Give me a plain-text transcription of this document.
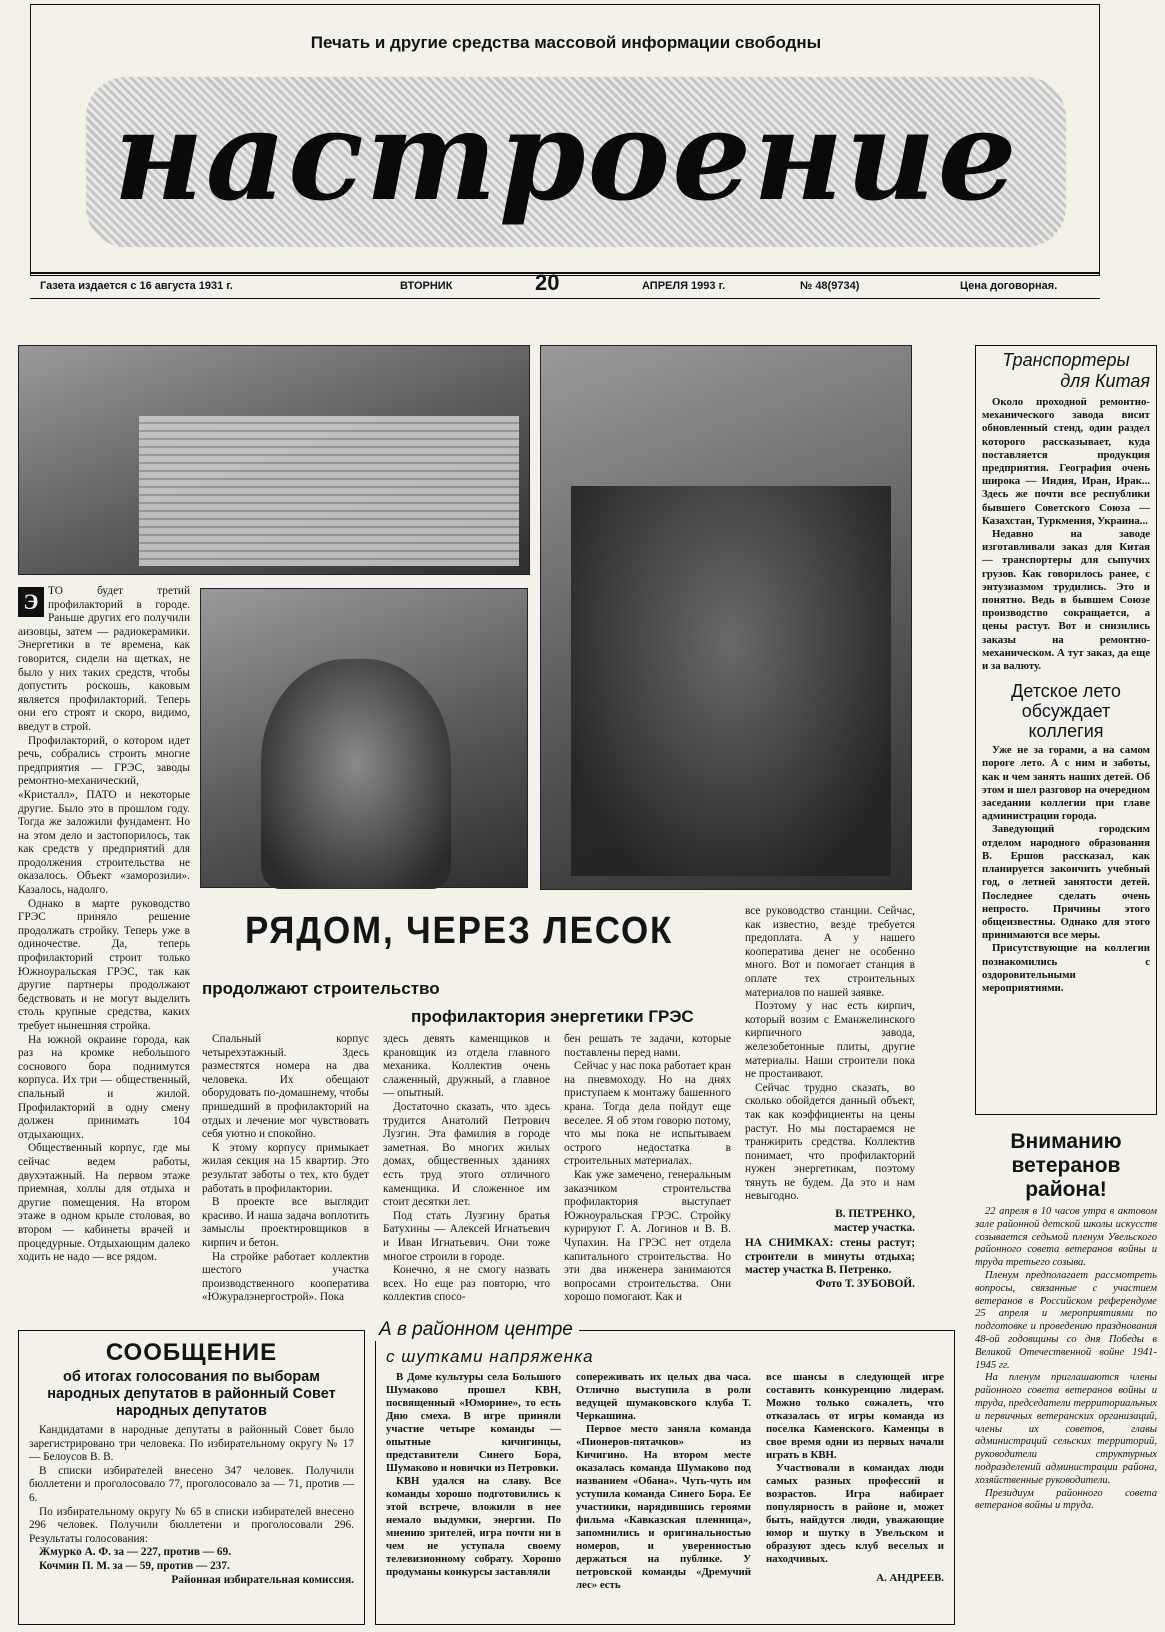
Печать и другие средства массовой информации свободны
настроение
Газета издается с 16 августа 1931 г.	ВТОРНИК	20	АПРЕЛЯ 1993 г.	№ 48(9734)	Цена договорная.
Э ТО будет третий профилакторий в городе. Раньше других его получили аизовцы, затем — радиокерамики. Энергетики в те времена, как говорится, сидели на щетках, не было у них таких средств, чтобы допустить роскошь, каковым является профилакторий. Теперь они его строят и скоро, видимо, введут в строй.

Профилакторий, о котором идет речь, собрались строить многие предприятия — ГРЭС, заводы ремонтно-механический, «Кристалл», ПАТО и некоторые другие. Было это в прошлом году. Тогда же заложили фундамент. Но на этом дело и застопорилось, так как средств у предприятий для продолжения строительства не оказалось. Объект «заморозили». Казалось, надолго.

Однако в марте руководство ГРЭС приняло решение продолжать стройку. Теперь уже в одиночестве. Да, теперь профилакторий строит только Южноуральская ГРЭС, так как другие партнеры продолжают бедствовать и не могут выделить столь крупные средства, каких требует нынешняя стройка.

На южной окраине города, как раз на кромке небольшого соснового бора поднимутся корпуса. Их три — общественный, спальный и жилой. Профилакторий в одну смену должен принимать 104 отдыхающих.

Общественный корпус, где мы сейчас ведем работы, двухэтажный. На первом этаже приемная, холлы для отдыха и другие помещения. На втором этаже в одном крыле столовая, во втором — кабинеты врачей и процедурные. Отдыхающим далеко ходить не надо — все рядом.

РЯДОМ, ЧЕРЕЗ ЛЕСОК
продолжают строительство
профилактория энергетики ГРЭС

Спальный корпус четырехэтажный. Здесь разместятся номера на два человека. Их обещают оборудовать по-домашнему, чтобы пришедший в профилакторий на отдых и лечение мог чувствовать себя уютно и спокойно.

К этому корпусу примыкает жилая секция на 15 квартир. Это результат заботы о тех, кто будет работать в профилактории.

В проекте все выглядит красиво. И наша задача воплотить замыслы проектировщиков в кирпич и бетон.

На стройке работает коллектив шестого участка производственного кооператива «Южуралэнергострой». Пока

здесь девять каменщиков и крановщик из отдела главного механика. Коллектив очень слаженный, дружный, а главное — опытный.

Достаточно сказать, что здесь трудится Анатолий Петрович Лузгин. Эта фамилия в городе заметная. Во многих жилых домах, общественных зданиях есть труд этого отличного каменщика. И сложенное им стоит десятки лет.

Под стать Лузгину братья Батухины — Алексей Игнатьевич и Иван Игнатьевич. Они тоже многое строили в городе.

Конечно, я не смогу назвать всех. Но еще раз повторю, что коллектив спосо-

бен решать те задачи, которые поставлены перед нами.

Сейчас у нас пока работает кран на пневмоходу. Но на днях приступаем к монтажу башенного крана. Тогда дела пойдут еще веселее. Я об этом говорю потому, что мы пока не испытываем острого недостатка в строительных материалах.

Как уже замечено, генеральным заказчиком строительства профилактория выступает Южноуральская ГРЭС. Стройку курируют Г. А. Логинов и В. В. Чупахин. На ГРЭС нет отдела капитального строительства. Но эти два инженера занимаются вопросами строительства. Они хорошо помогают. Как и

все руководство станции. Сейчас, как известно, везде требуется предоплата. А у нашего кооператива денег не особенно много. Вот и помогает станция в оплате тех строительных материалов по нашей заявке.

Поэтому у нас есть кирпич, который возим с Еманжелинского кирпичного завода, железобетонные плиты, другие материалы. Наши строители пока не простаивают.

Сейчас трудно сказать, во сколько обойдется данный объект, так как коэффициенты на цены растут. Но мы постараемся не транжирить средства. Коллектив понимает, что профилакторий нужен энергетикам, поэтому тянуть не будем. Да это и нам невыгодно.

В. ПЕТРЕНКО,

мастер участка.

НА СНИМКАХ: стены растут; строители в минуты отдыха; мастер участка В. Петренко.

Фото Т. ЗУБОВОЙ.

Транспортеры
для Китая

Около проходной ремонтно-механического завода висит обновленный стенд, один раздел которого рассказывает, куда поставляется продукция предприятия. География очень широка — Индия, Иран, Ирак... Здесь же почти все республики бывшего Советского Союза — Казахстан, Туркмения, Украина...

Недавно на заводе изготавливали заказ для Китая — транспортеры для сыпучих грузов. Как говорилось ранее, с энтузиазмом трудились. Это и понятно. Ведь в бывшем Союзе производство сокращается, а цены растут. Вот и снизились заказы на ремонтно-механическом. А тут заказ, да еще и за валюту.

Детское лето
обсуждает
коллегия

Уже не за горами, а на самом пороге лето. А с ним и заботы, как и чем занять наших детей. Об этом и шел разговор на очередном заседании коллегии при главе администрации города.

Заведующий городским отделом народного образования В. Ершов рассказал, как планируется закончить учебный год, о летней занятости детей. Последнее сделать очень непросто. Причины этого общеизвестны. Однако для этого принимаются все меры.

Присутствующие на коллегии познакомились с оздоровительными мероприятиями.

Вниманию
ветеранов
района!

22 апреля в 10 часов утра в актовом зале районной детской школы искусств созывается седьмой пленум Увельского районного совета ветеранов войны и труда третьего созыва.

Пленум предполагает рассмотреть вопросы, связанные с участием ветеранов в Российском референдуме 25 апреля и мероприятиями по подготовке и проведению празднования 48-ой годовщины со дня Победы в Великой Отечественной войне 1941-1945 гг.

На пленум приглашаются члены районного совета ветеранов войны и труда, председатели территориальных и первичных ветеранских организаций, члены их советов, главы администраций сельских территорий, руководители структурных подразделений администрации района, хозяйственные руководители.

Президиум районного совета ветеранов войны и труда.

СООБЩЕНИЕ
об итогах голосования по выборам народных депутатов в районный Совет народных депутатов

Кандидатами в народные депутаты в районный Совет было зарегистрировано три человека. По избирательному округу № 17— Белоусов В. В.

В списки избирателей внесено 347 человек. Получили бюллетени и проголосовало 77, проголосовало за — 71, против — 6.

По избирательному округу № 65 в списки избирателей внесено 296 человек. Получили бюллетени и проголосовали 296. Результаты голосования:

Жмурко А. Ф. за — 227, против — 69.

Кочмин П. М. за — 59, против — 237.

Районная избирательная комиссия.

А в районном центре
с шутками напряженка

В Доме культуры села Большого Шумаково прошел КВН, посвященный «Юморине», то есть Дню смеха. В игре приняли участие четыре команды — опытные кичигинцы, представители Синего Бора, Шумаково и новички из Петровки.

КВН удался на славу. Все команды хорошо подготовились к этой встрече, вложили в нее немало выдумки, энергии. По мнению зрителей, игра почти ни в чем не уступала своему телевизионному собрату. Хорошо продуманы конкурсы заставляли

сопереживать их целых два часа. Отлично выступила в роли ведущей шумаковского клуба Т. Черкашина.

Первое место заняла команда «Пионеров-пятачков» из Кичигино. На втором месте оказалась команда Шумаково под названием «Обана». Чуть-чуть им уступила команда Синего Бора. Ее участники, нарядившись героями фильма «Кавказская пленница», запомнились и оригинальностью номеров, и уверенностью держаться на публике. У петровской команды «Дремучий лес» есть

все шансы в следующей игре составить конкуренцию лидерам. Можно только сожалеть, что отказалась от игры команда из поселка Каменского. Каменцы в свое время одни из первых начали играть в КВН.

Участвовали в командах люди самых разных профессий и возрастов. Игра набирает популярность в районе и, может быть, найдутся люди, уважающие юмор и шутку в Увельском и образуют здесь клуб веселых и находчивых.

А. АНДРЕЕВ.
